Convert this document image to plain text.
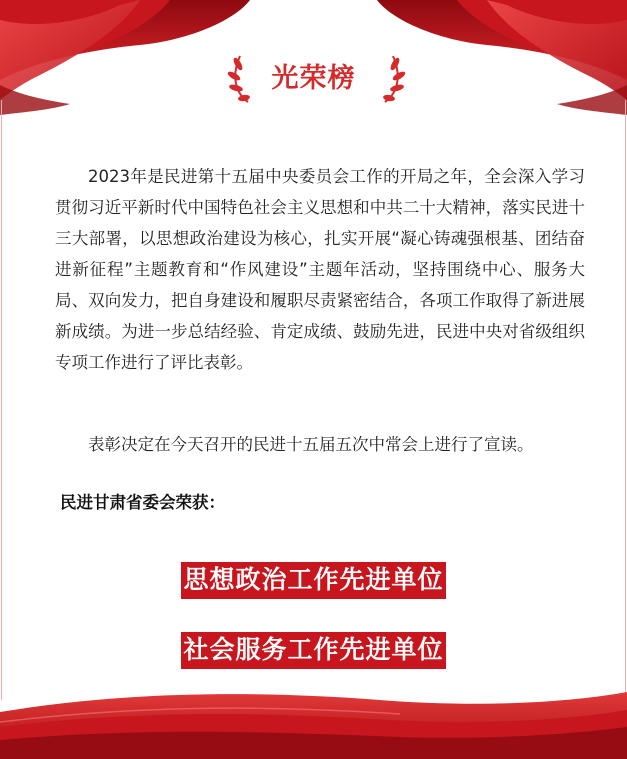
光荣榜
2023年是民进第十五届中央委员会工作的开局之年，全会深入学习贯彻习近平新时代中国特色社会主义思想和中共二十大精神，落实民进十三大部署，以思想政治建设为核心，扎实开展“凝心铸魂强根基、团结奋进新征程”主题教育和“作风建设”主题年活动，坚持围绕中心、服务大局、双向发力，把自身建设和履职尽责紧密结合，各项工作取得了新进展新成绩。为进一步总结经验、肯定成绩、鼓励先进，民进中央对省级组织专项工作进行了评比表彰。
表彰决定在今天召开的民进十五届五次中常会上进行了宣读。
民进甘肃省委会荣获：
思想政治工作先进单位
社会服务工作先进单位
